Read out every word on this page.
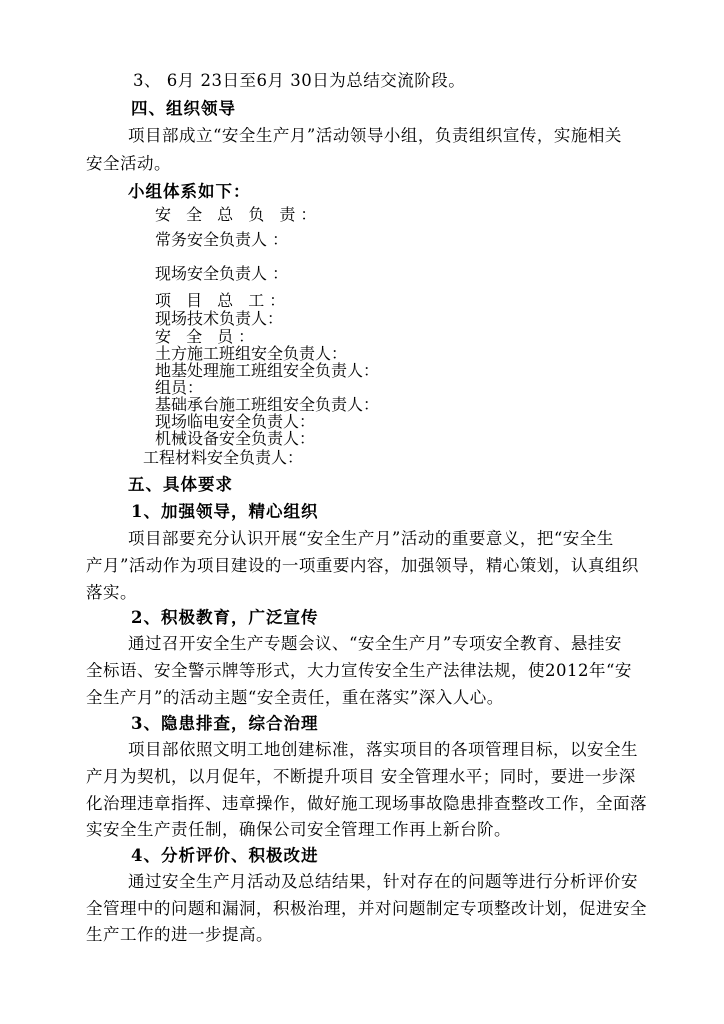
3、 6月 23日至6月 30日为总结交流阶段。
四、组织领导
项目部成立“安全生产月”活动领导小组，负责组织宣传，实施相关
安全活动。
小组体系如下：
安 全 总 负 责：
常务安全负责人 ：
现场安全负责人 ：
项 目 总 工：
现场技术负责人：
安 全 员：
土方施工班组安全负责人：
地基处理施工班组安全负责人：
组员：
基础承台施工班组安全负责人：
现场临电安全负责人：
机械设备安全负责人：
工程材料安全负责人：
五、具体要求
1、加强领导，精心组织
项目部要充分认识开展“安全生产月”活动的重要意义，把“安全生
产月”活动作为项目建设的一项重要内容，加强领导，精心策划，认真组织
落实。
2、积极教育，广泛宣传
通过召开安全生产专题会议、“安全生产月”专项安全教育、悬挂安
全标语、安全警示牌等形式，大力宣传安全生产法律法规，使2012年“安
全生产月”的活动主题“安全责任，重在落实”深入人心。
3、隐患排查，综合治理
项目部依照文明工地创建标准，落实项目的各项管理目标，以安全生
产月为契机，以月促年，不断提升项目 安全管理水平；同时，要进一步深
化治理违章指挥、违章操作，做好施工现场事故隐患排查整改工作，全面落
实安全生产责任制，确保公司安全管理工作再上新台阶。
4、分析评价、积极改进
通过安全生产月活动及总结结果，针对存在的问题等进行分析评价安
全管理中的问题和漏洞，积极治理，并对问题制定专项整改计划，促进安全
生产工作的进一步提高。
